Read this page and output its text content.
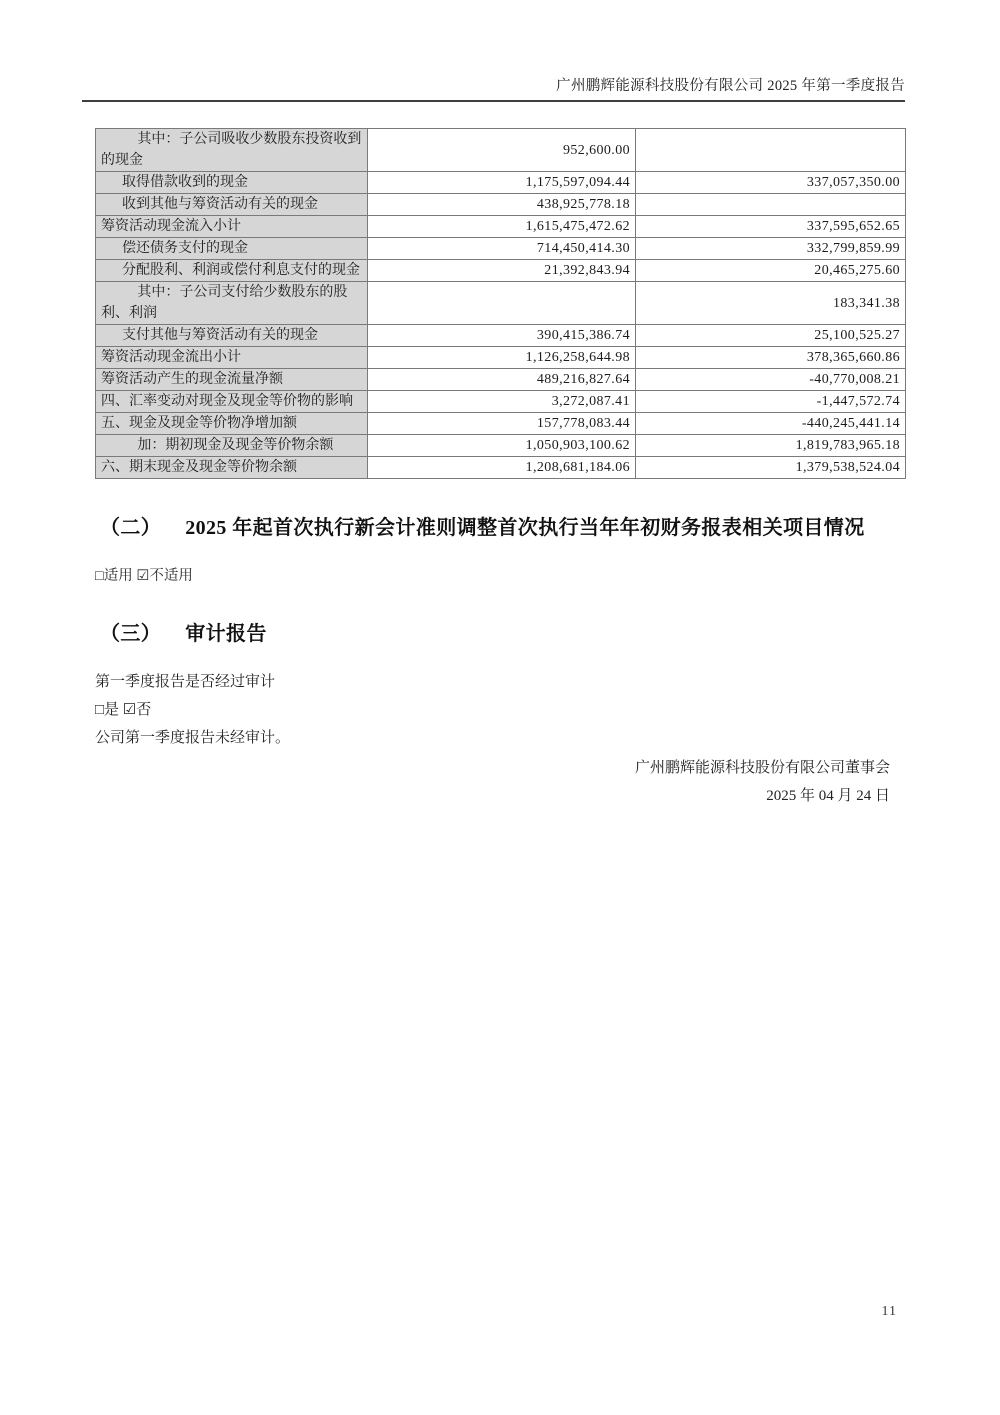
广州鹏辉能源科技股份有限公司 2025 年第一季度报告
其中：子公司吸收少数股东投资收到的现金	952,600.00	
取得借款收到的现金	1,175,597,094.44	337,057,350.00
收到其他与筹资活动有关的现金	438,925,778.18	
筹资活动现金流入小计	1,615,475,472.62	337,595,652.65
偿还债务支付的现金	714,450,414.30	332,799,859.99
分配股利、利润或偿付利息支付的现金	21,392,843.94	20,465,275.60
其中：子公司支付给少数股东的股利、利润		183,341.38
支付其他与筹资活动有关的现金	390,415,386.74	25,100,525.27
筹资活动现金流出小计	1,126,258,644.98	378,365,660.86
筹资活动产生的现金流量净额	489,216,827.64	-40,770,008.21
四、汇率变动对现金及现金等价物的影响	3,272,087.41	-1,447,572.74
五、现金及现金等价物净增加额	157,778,083.44	-440,245,441.14
加：期初现金及现金等价物余额	1,050,903,100.62	1,819,783,965.18
六、期末现金及现金等价物余额	1,208,681,184.06	1,379,538,524.04
（二） 2025 年起首次执行新会计准则调整首次执行当年年初财务报表相关项目情况
□适用 ☑不适用
（三） 审计报告
第一季度报告是否经过审计
□是 ☑否
公司第一季度报告未经审计。
广州鹏辉能源科技股份有限公司董事会
2025 年 04 月 24 日
11
